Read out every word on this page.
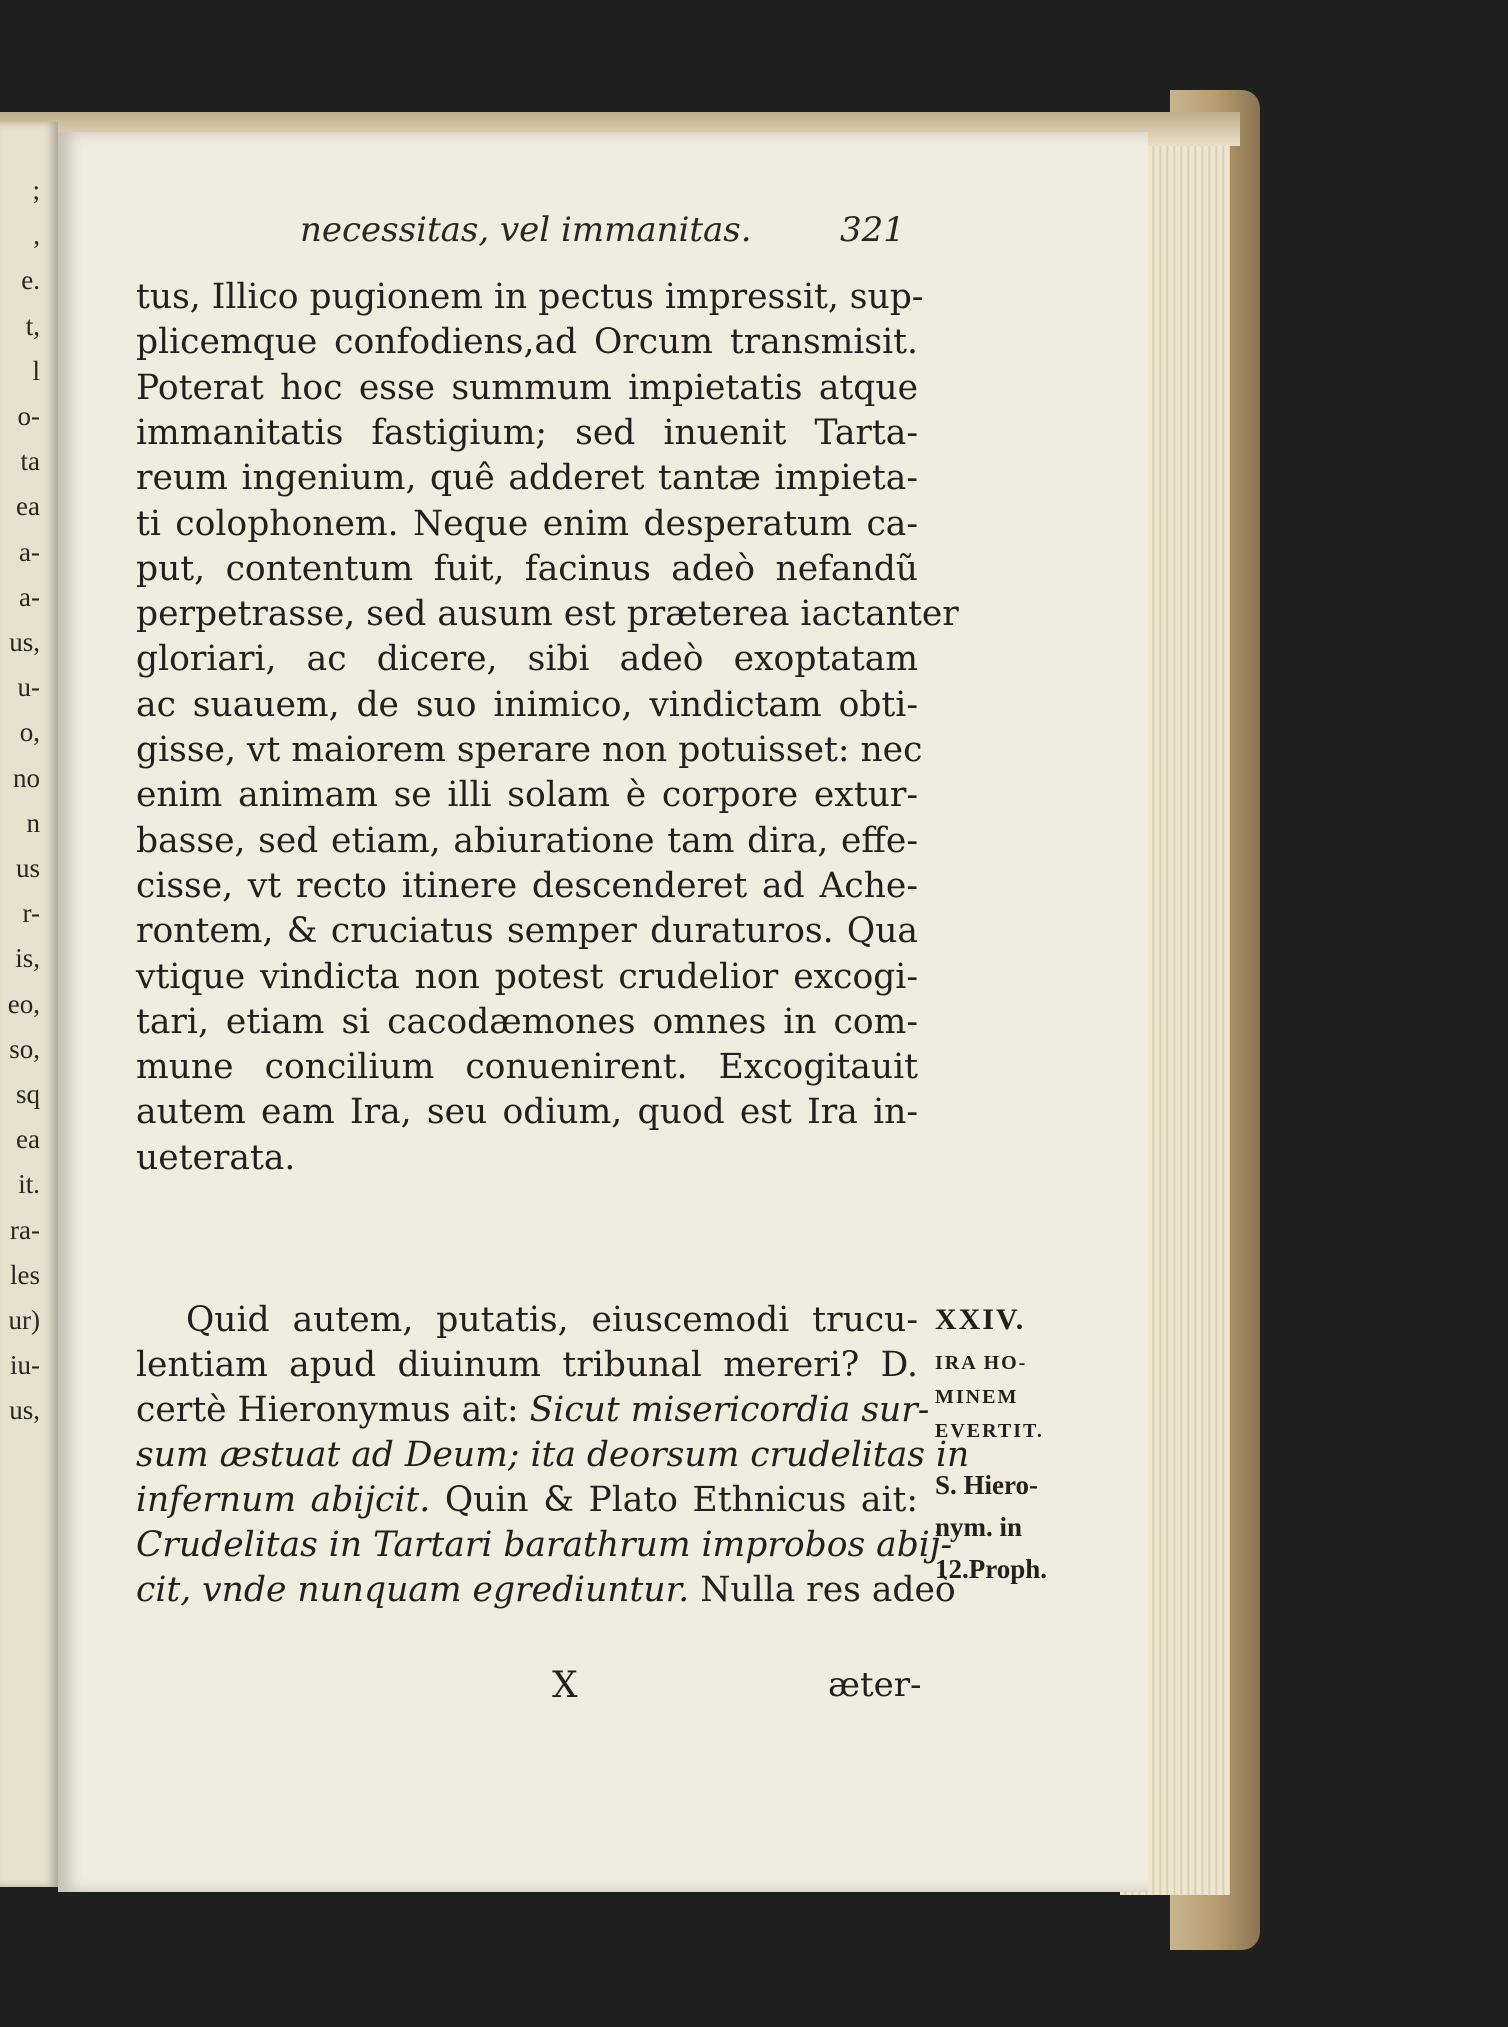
;
,
e.
t,
l
o-
ta
ea
a-
a-
us,
u-
o,
no
n
us
r-
is,
eo,
so,
sq
ea
it.
ra-
les
ur)
iu-
us,
necessitas, vel immanitas.	321
tus, Illico pugionem in pectus impressit, sup-
plicemque confodiens,ad Orcum transmisit.
Poterat hoc esse summum impietatis atque
immanitatis fastigium; sed inuenit Tarta-
reum ingenium, quê adderet tantæ impieta-
ti colophonem. Neque enim desperatum ca-
put, contentum fuit, facinus adeò nefandũ
perpetrasse, sed ausum est præterea iactanter
gloriari, ac dicere, sibi adeò exoptatam
ac suauem, de suo inimico, vindictam obti-
gisse, vt maiorem sperare non potuisset: nec
enim animam se illi solam è corpore extur-
basse, sed etiam, abiuratione tam dira, effe-
cisse, vt recto itinere descenderet ad Ache-
rontem, & cruciatus semper duraturos. Qua
vtique vindicta non potest crudelior excogi-
tari, etiam si cacodæmones omnes in com-
mune concilium conuenirent. Excogitauit
autem eam Ira, seu odium, quod est Ira in-
ueterata.
Quid autem, putatis, eiuscemodi trucu-
lentiam apud diuinum tribunal mereri? D.
certè Hieronymus ait: Sicut misericordia sur-
sum æstuat ad Deum; ita deorsum crudelitas in
infernum abijcit. Quin & Plato Ethnicus ait:
Crudelitas in Tartari barathrum improbos abij-
cit, vnde nunquam egrediuntur. Nulla res adeò
XXIV.
IRA HO-
MINEM
EVERTIT.
S. Hiero-
nym. in
12.Proph.
X	æter-
